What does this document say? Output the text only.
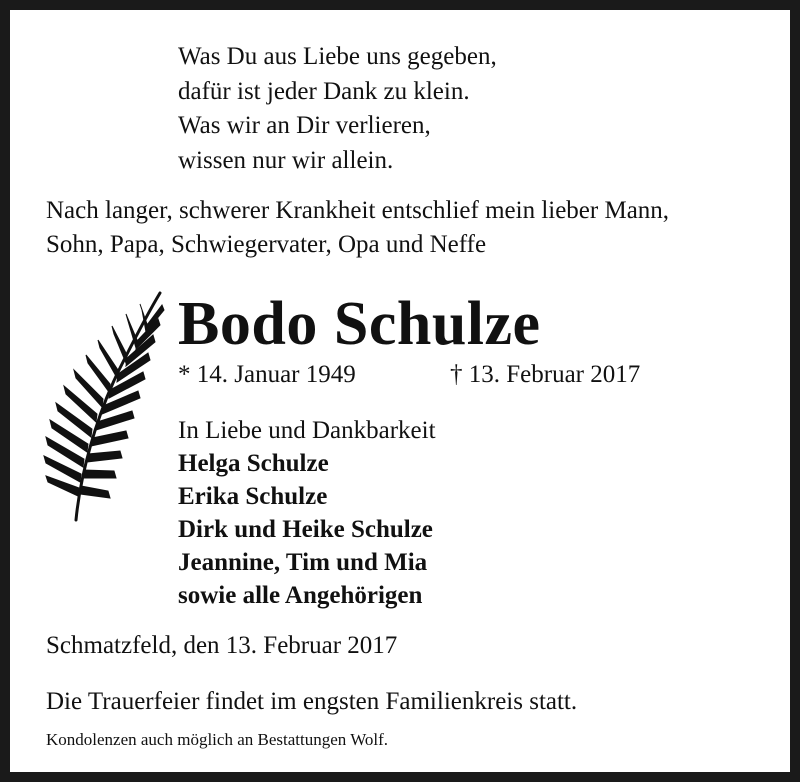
Was Du aus Liebe uns gegeben,
dafür ist jeder Dank zu klein.
Was wir an Dir verlieren,
wissen nur wir allein.
Nach langer, schwerer Krankheit entschlief mein lieber Mann,
Sohn, Papa, Schwiegervater, Opa und Neffe
Bodo Schulze
* 14. Januar 1949	† 13. Februar 2017
In Liebe und Dankbarkeit
Helga Schulze
Erika Schulze
Dirk und Heike Schulze
Jeannine, Tim und Mia
sowie alle Angehörigen
Schmatzfeld, den 13. Februar 2017
Die Trauerfeier findet im engsten Familienkreis statt.
Kondolenzen auch möglich an Bestattungen Wolf.
